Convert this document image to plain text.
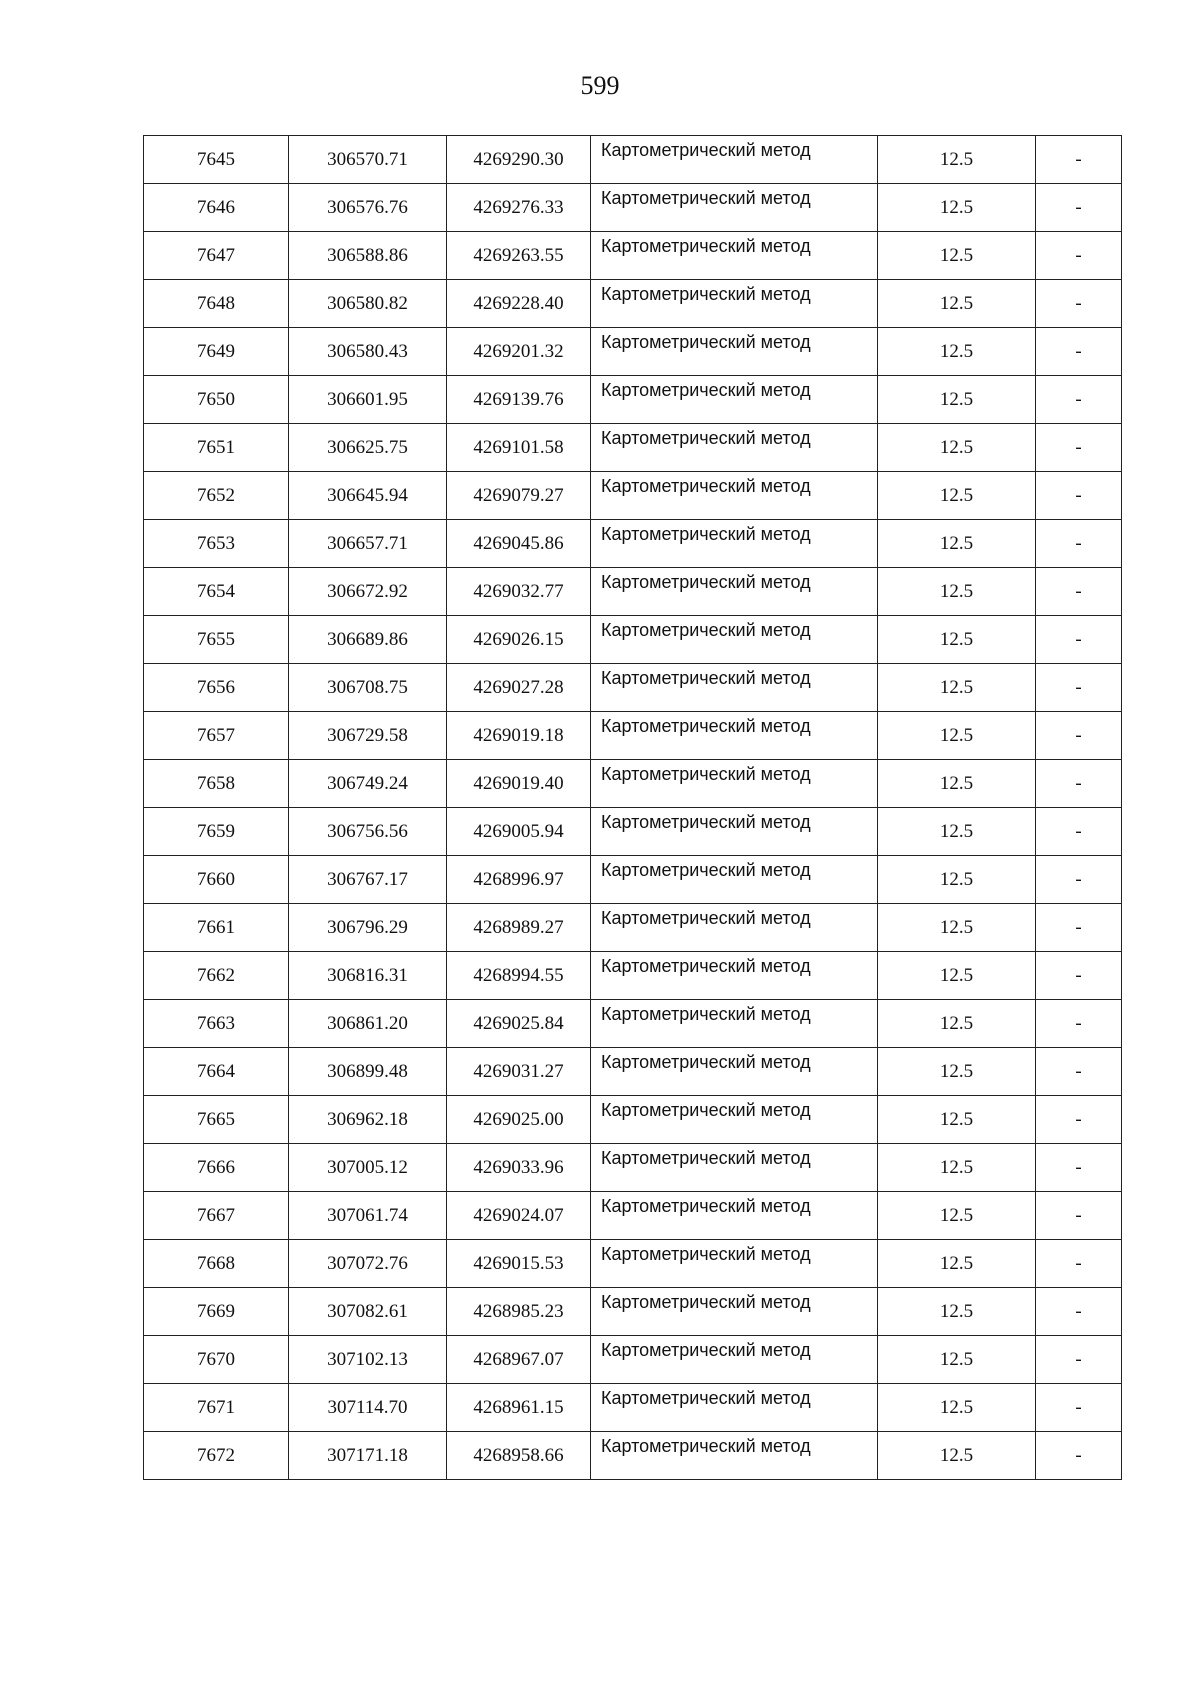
599
7645	306570.71	4269290.30	Картометрический метод	12.5	-
7646	306576.76	4269276.33	Картометрический метод	12.5	-
7647	306588.86	4269263.55	Картометрический метод	12.5	-
7648	306580.82	4269228.40	Картометрический метод	12.5	-
7649	306580.43	4269201.32	Картометрический метод	12.5	-
7650	306601.95	4269139.76	Картометрический метод	12.5	-
7651	306625.75	4269101.58	Картометрический метод	12.5	-
7652	306645.94	4269079.27	Картометрический метод	12.5	-
7653	306657.71	4269045.86	Картометрический метод	12.5	-
7654	306672.92	4269032.77	Картометрический метод	12.5	-
7655	306689.86	4269026.15	Картометрический метод	12.5	-
7656	306708.75	4269027.28	Картометрический метод	12.5	-
7657	306729.58	4269019.18	Картометрический метод	12.5	-
7658	306749.24	4269019.40	Картометрический метод	12.5	-
7659	306756.56	4269005.94	Картометрический метод	12.5	-
7660	306767.17	4268996.97	Картометрический метод	12.5	-
7661	306796.29	4268989.27	Картометрический метод	12.5	-
7662	306816.31	4268994.55	Картометрический метод	12.5	-
7663	306861.20	4269025.84	Картометрический метод	12.5	-
7664	306899.48	4269031.27	Картометрический метод	12.5	-
7665	306962.18	4269025.00	Картометрический метод	12.5	-
7666	307005.12	4269033.96	Картометрический метод	12.5	-
7667	307061.74	4269024.07	Картометрический метод	12.5	-
7668	307072.76	4269015.53	Картометрический метод	12.5	-
7669	307082.61	4268985.23	Картометрический метод	12.5	-
7670	307102.13	4268967.07	Картометрический метод	12.5	-
7671	307114.70	4268961.15	Картометрический метод	12.5	-
7672	307171.18	4268958.66	Картометрический метод	12.5	-
